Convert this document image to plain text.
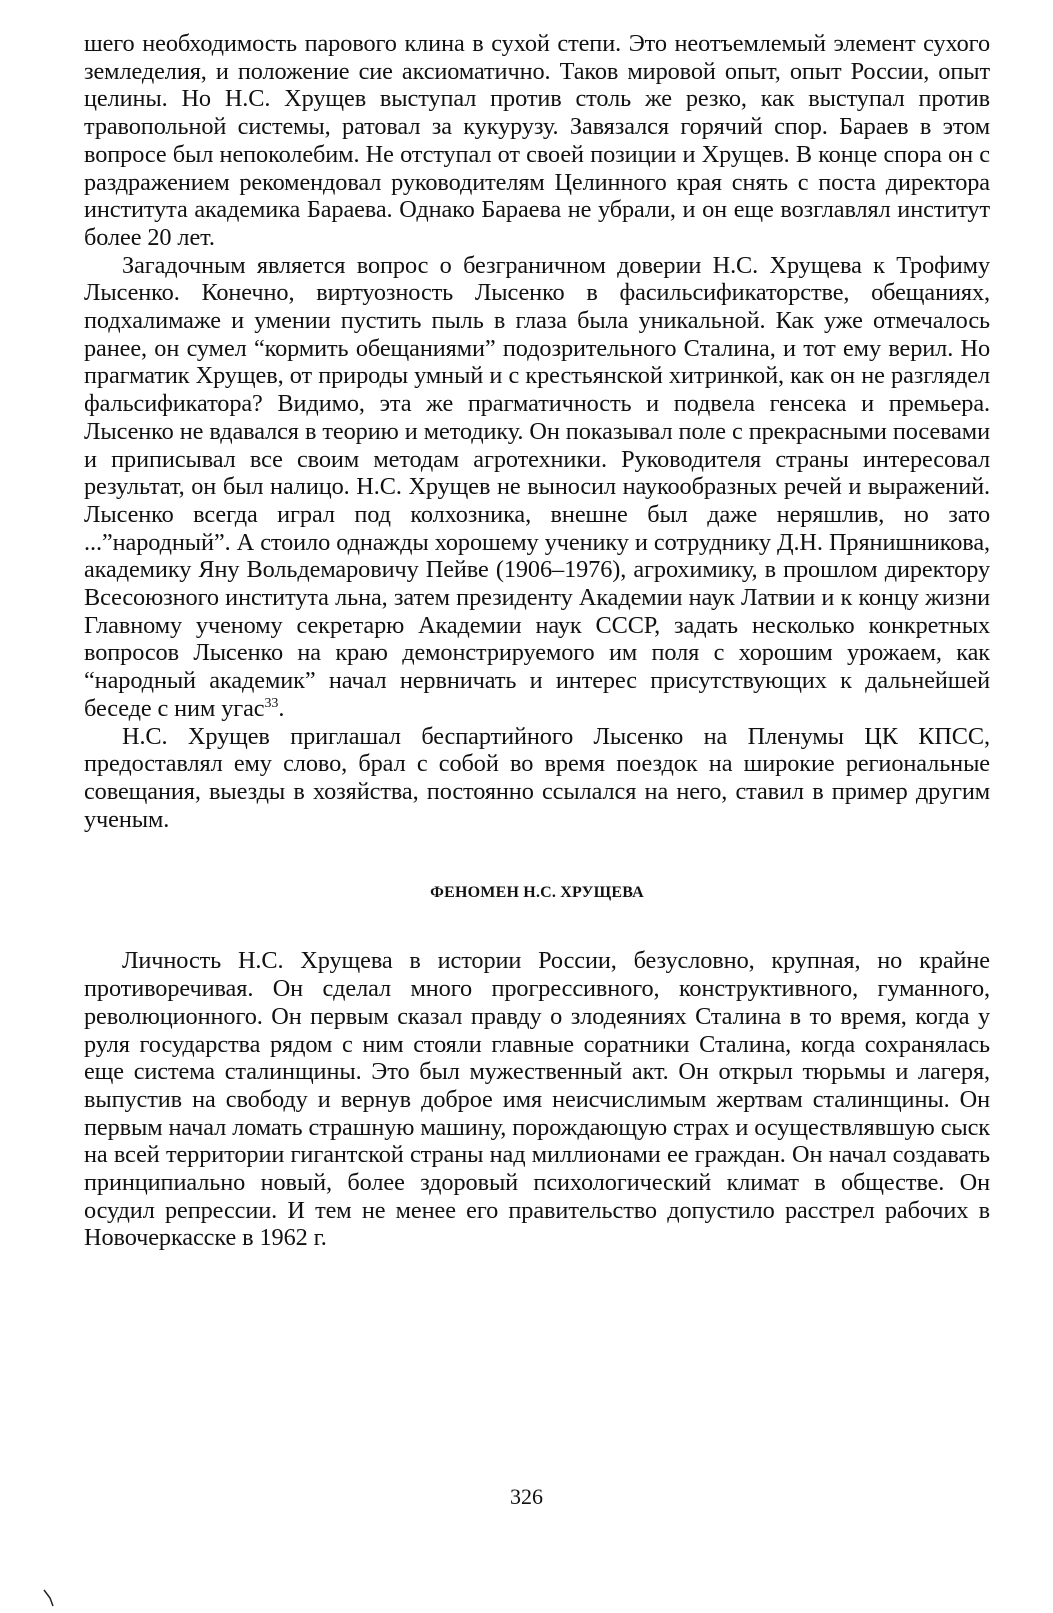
шего необходимость парового клина в сухой степи. Это неотъемлемый элемент сухого земледелия, и положение сие аксиоматично. Таков мировой опыт, опыт России, опыт целины. Но Н.С. Хрущев выступал против столь же резко, как выступал против травопольной системы, ратовал за кукурузу. Завязался горячий спор. Бараев в этом вопросе был непоколебим. Не отступал от своей позиции и Хрущев. В конце спора он с раздражением рекомендовал руководителям Целинного края снять с поста директора института академика Бараева. Однако Бараева не убрали, и он еще возглавлял институт более 20 лет.

Загадочным является вопрос о безграничном доверии Н.С. Хрущева к Трофиму Лысенко. Конечно, виртуозность Лысенко в фасильсификаторстве, обещаниях, подхалимаже и умении пустить пыль в глаза была уникальной. Как уже отмечалось ранее, он сумел “кормить обещаниями” подозрительного Сталина, и тот ему верил. Но прагматик Хрущев, от природы умный и с крестьянской хитринкой, как он не разглядел фальсификатора? Видимо, эта же прагматичность и подвела генсека и премьера. Лысенко не вдавался в теорию и методику. Он показывал поле с прекрасными посевами и приписывал все своим методам агротехники. Руководителя страны интересовал результат, он был налицо. Н.С. Хрущев не выносил наукообразных речей и выражений. Лысенко всегда играл под колхозника, внешне был даже неряшлив, но зато ...”народный”. А стоило однажды хорошему ученику и сотруднику Д.Н. Прянишникова, академику Яну Вольдемаровичу Пейве (1906–1976), агрохимику, в прошлом директору Всесоюзного института льна, затем президенту Академии наук Латвии и к концу жизни Главному ученому секретарю Академии наук СССР, задать несколько конкретных вопросов Лысенко на краю демонстрируемого им поля с хорошим урожаем, как “народный академик” начал нервничать и интерес присутствующих к дальнейшей беседе с ним угас$^{33}$.

Н.С. Хрущев приглашал беспартийного Лысенко на Пленумы ЦК КПСС, предоставлял ему слово, брал с собой во время поездок на широкие региональные совещания, выезды в хозяйства, постоянно ссылался на него, ставил в пример другим ученым.

ФЕНОМЕН Н.С. ХРУЩЕВА

Личность Н.С. Хрущева в истории России, безусловно, крупная, но крайне противоречивая. Он сделал много прогрессивного, конструктивного, гуманного, революционного. Он первым сказал правду о злодеяниях Сталина в то время, когда у руля государства рядом с ним стояли главные соратники Сталина, когда сохранялась еще система сталинщины. Это был мужественный акт. Он открыл тюрьмы и лагеря, выпустив на свободу и вернув доброе имя неисчислимым жертвам сталинщины. Он первым начал ломать страшную машину, порождающую страх и осуществлявшую сыск на всей территории гигантской страны над миллионами ее граждан. Он начал создавать принципиально новый, более здоровый психологический климат в обществе. Он осудил репрессии. И тем не менее его правительство допустило расстрел рабочих в Новочеркасске в 1962 г.

326
